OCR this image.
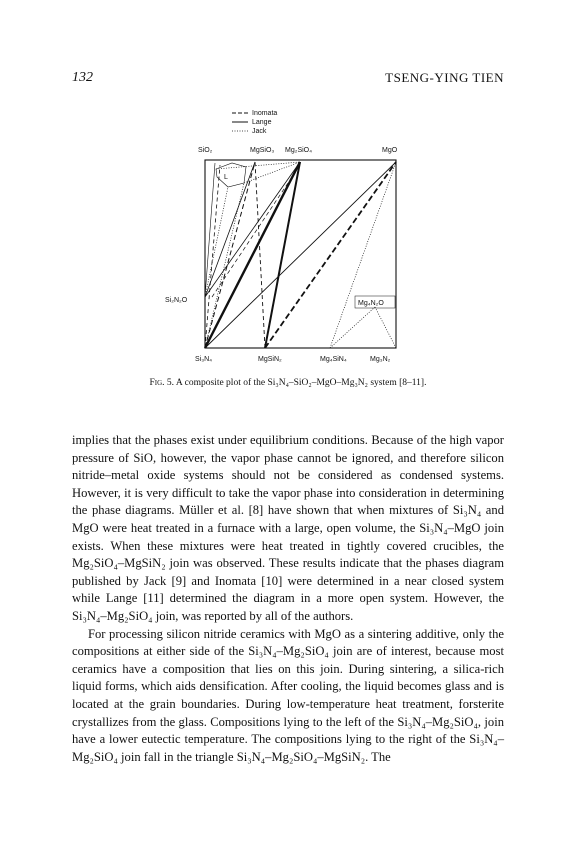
132	TSENG-YING TIEN
Inomata
Lange
Jack
SiO₂	MgSiO₃ Mg₂SiO₄	MgO
Si₂N₂O	Mg₄N₂O
Si₃N₄	MgSiN₂	Mg₄SiN₄	Mg₃N₂
L
Fig. 5. A composite plot of the Si₃N₄–SiO₂–MgO–Mg₃N₂ system [8–11].

implies that the phases exist under equilibrium conditions. Because of the high vapor pressure of SiO, however, the vapor phase cannot be ignored, and therefore silicon nitride–metal oxide systems should not be considered as condensed systems. However, it is very difficult to take the vapor phase into consideration in determining the phase diagrams. Müller et al. [8] have shown that when mixtures of Si₃N₄ and MgO were heat treated in a furnace with a large, open volume, the Si₃N₄–MgO join exists. When these mixtures were heat treated in tightly covered crucibles, the Mg₂SiO₄–MgSiN₂ join was observed. These results indicate that the phases diagram published by Jack [9] and Inomata [10] were determined in a near closed system while Lange [11] determined the diagram in a more open system. However, the Si₃N₄–Mg₂SiO₄ join, was reported by all of the authors.

For processing silicon nitride ceramics with MgO as a sintering additive, only the compositions at either side of the Si₃N₄–Mg₂SiO₄ join are of interest, because most ceramics have a composition that lies on this join. During sintering, a silica-rich liquid forms, which aids densification. After cooling, the liquid becomes glass and is located at the grain boundaries. During low-temperature heat treatment, forsterite crystallizes from the glass. Compositions lying to the left of the Si₃N₄–Mg₂SiO₄, join have a lower eutectic temperature. The compositions lying to the right of the Si₃N₄–Mg₂SiO₄ join fall in the triangle Si₃N₄–Mg₂SiO₄–MgSiN₂. The
